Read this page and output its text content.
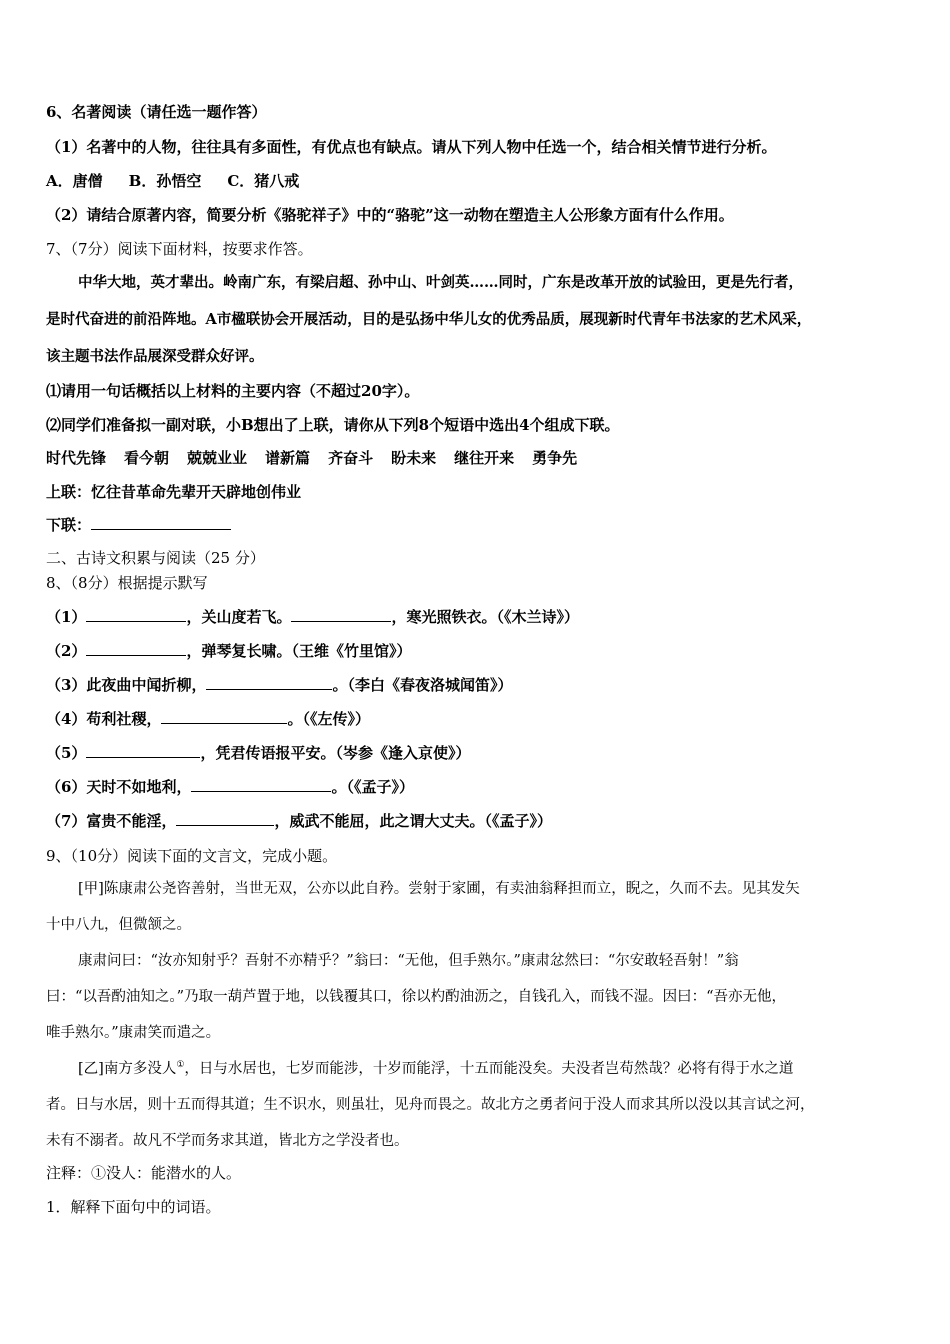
6、名著阅读（请任选一题作答）
（1）名著中的人物，往往具有多面性，有优点也有缺点。请从下列人物中任选一个，结合相关情节进行分析。
A．唐僧 B．孙悟空 C．猪八戒
（2）请结合原著内容，简要分析《骆驼祥子》中的“骆驼”这一动物在塑造主人公形象方面有什么作用。
7、（7分）阅读下面材料，按要求作答。
中华大地，英才辈出。岭南广东，有梁启超、孙中山、叶剑英……同时，广东是改革开放的试验田，更是先行者，
是时代奋进的前沿阵地。A市楹联协会开展活动，目的是弘扬中华儿女的优秀品质，展现新时代青年书法家的艺术风采，
该主题书法作品展深受群众好评。
⑴请用一句话概括以上材料的主要内容（不超过20字）。
⑵同学们准备拟一副对联，小B想出了上联，请你从下列8个短语中选出4个组成下联。
时代先锋 看今朝 兢兢业业 谱新篇 齐奋斗 盼未来 继往开来 勇争先
上联：忆往昔革命先辈开天辟地创伟业
下联：
二、古诗文积累与阅读（25 分）
8、（8分）根据提示默写
（1）	，关山度若飞。	，寒光照铁衣。（《木兰诗》）
（2）	，弹琴复长啸。（王维《竹里馆》）
（3）此夜曲中闻折柳，	。（李白《春夜洛城闻笛》）
（4）苟利社稷，	。（《左传》）
（5）	，凭君传语报平安。（岑参《逢入京使》）
（6）天时不如地利，	。（《孟子》）
（7）富贵不能淫，	，威武不能屈，此之谓大丈夫。（《孟子》）
9、（10分）阅读下面的文言文，完成小题。
[甲]陈康肃公尧咨善射，当世无双，公亦以此自矜。尝射于家圃，有卖油翁释担而立，睨之，久而不去。见其发矢
十中八九，但微颔之。
康肃问曰：“汝亦知射乎？吾射不亦精乎？”翁曰：“无他，但手熟尔。”康肃忿然曰：“尔安敢轻吾射！”翁
曰：“以吾酌油知之。”乃取一葫芦置于地，以钱覆其口，徐以杓酌油沥之，自钱孔入，而钱不湿。因曰：“吾亦无他，
唯手熟尔。”康肃笑而遣之。
[乙]南方多没人①，日与水居也，七岁而能涉，十岁而能浮，十五而能没矣。夫没者岂苟然哉？必将有得于水之道
者。日与水居，则十五而得其道；生不识水，则虽壮，见舟而畏之。故北方之勇者问于没人而求其所以没以其言试之河，
未有不溺者。故凡不学而务求其道，皆北方之学没者也。
注释：①没人：能潜水的人。
1．解释下面句中的词语。
